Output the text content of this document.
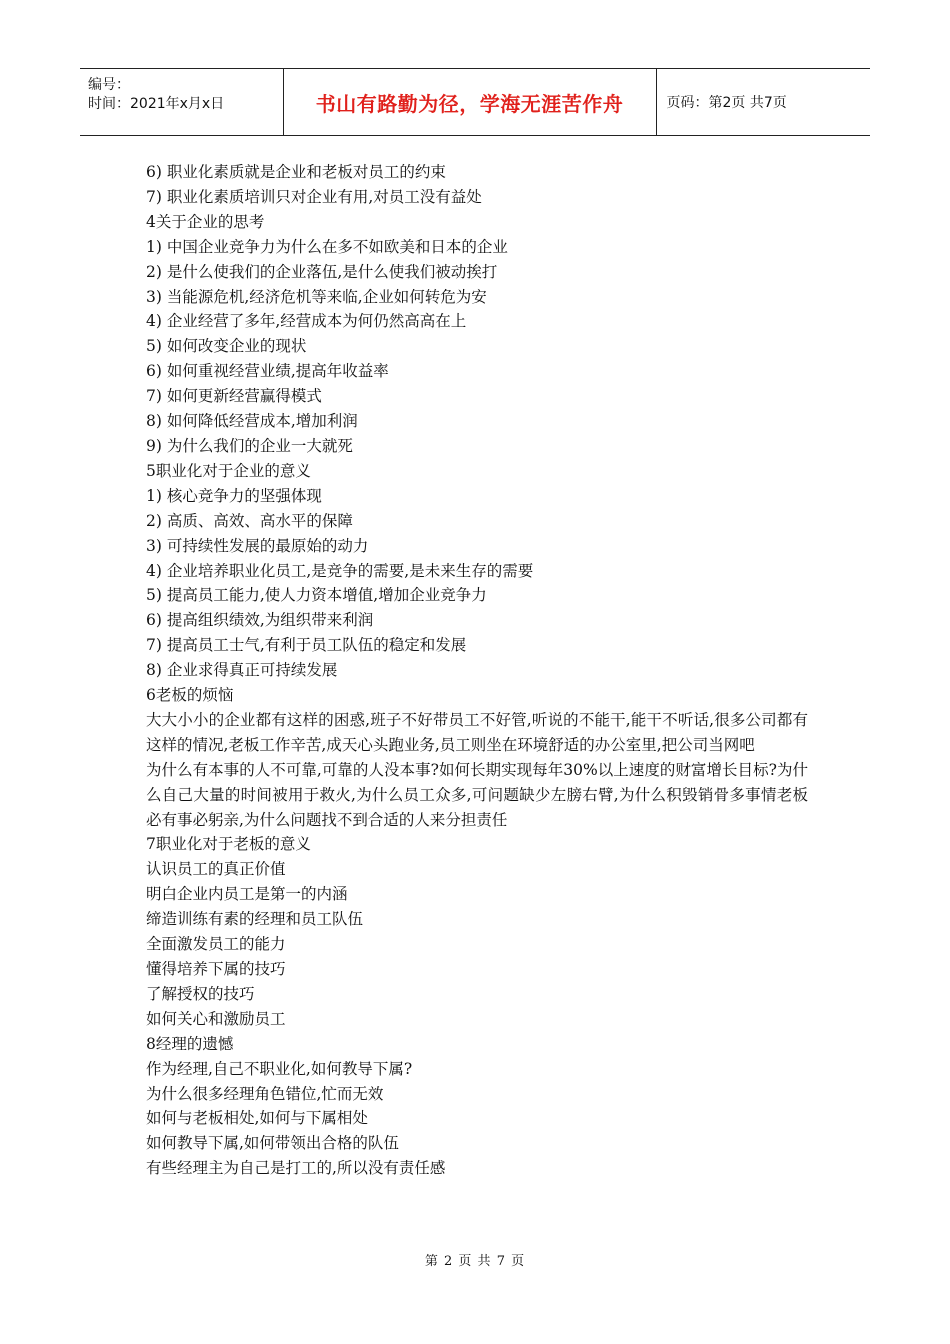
编号：
时间：2021年x月x日	书山有路勤为径，学海无涯苦作舟	页码：第2页 共7页
6) 职业化素质就是企业和老板对员工的约束
7) 职业化素质培训只对企业有用,对员工没有益处
4关于企业的思考
1) 中国企业竞争力为什么在多不如欧美和日本的企业
2) 是什么使我们的企业落伍,是什么使我们被动挨打
3) 当能源危机,经济危机等来临,企业如何转危为安
4) 企业经营了多年,经营成本为何仍然高高在上
5) 如何改变企业的现状
6) 如何重视经营业绩,提高年收益率
7) 如何更新经营赢得模式
8) 如何降低经营成本,增加利润
9) 为什么我们的企业一大就死
5职业化对于企业的意义
1) 核心竞争力的坚强体现
2) 高质、高效、高水平的保障
3) 可持续性发展的最原始的动力
4) 企业培养职业化员工,是竞争的需要,是未来生存的需要
5) 提高员工能力,使人力资本增值,增加企业竞争力
6) 提高组织绩效,为组织带来利润
7) 提高员工士气,有利于员工队伍的稳定和发展
8) 企业求得真正可持续发展
6老板的烦恼
大大小小的企业都有这样的困惑,班子不好带员工不好管,听说的不能干,能干不听话,很多公司都有这样的情况,老板工作辛苦,成天心头跑业务,员工则坐在环境舒适的办公室里,把公司当网吧
为什么有本事的人不可靠,可靠的人没本事?如何长期实现每年30%以上速度的财富增长目标?为什么自己大量的时间被用于救火,为什么员工众多,可问题缺少左膀右臂,为什么积毁销骨多事情老板必有事必躬亲,为什么问题找不到合适的人来分担责任
7职业化对于老板的意义
认识员工的真正价值
明白企业内员工是第一的内涵
缔造训练有素的经理和员工队伍
全面激发员工的能力
懂得培养下属的技巧
了解授权的技巧
如何关心和激励员工
8经理的遗憾
作为经理,自己不职业化,如何教导下属?
为什么很多经理角色错位,忙而无效
如何与老板相处,如何与下属相处
如何教导下属,如何带领出合格的队伍
有些经理主为自己是打工的,所以没有责任感
第 2 页 共 7 页
